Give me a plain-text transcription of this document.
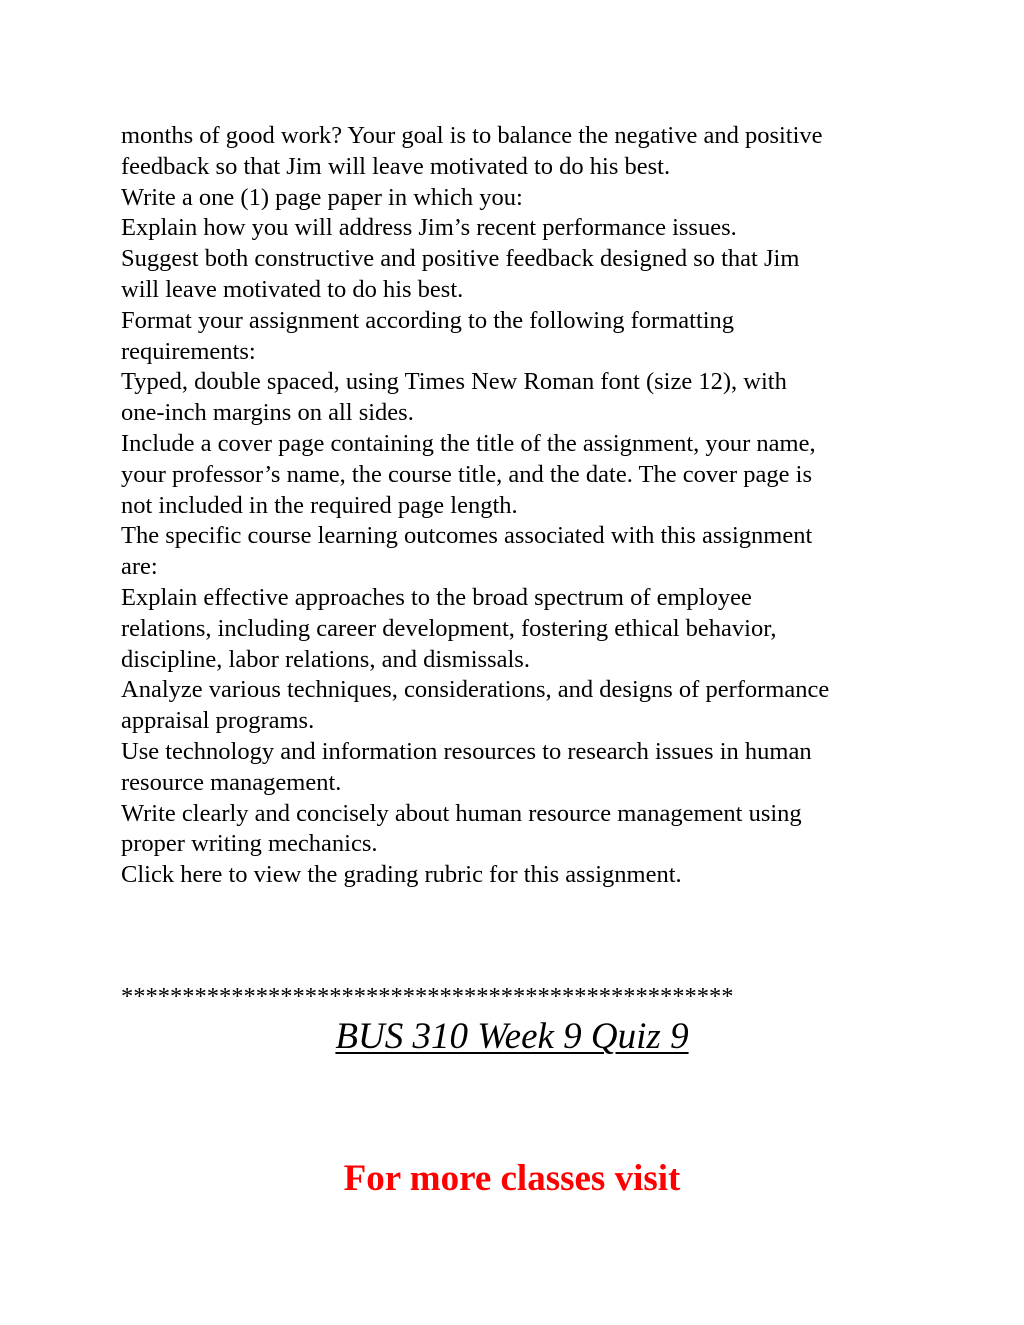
months of good work? Your goal is to balance the negative and positive
feedback so that Jim will leave motivated to do his best.
Write a one (1) page paper in which you:
Explain how you will address Jim’s recent performance issues.
Suggest both constructive and positive feedback designed so that Jim
will leave motivated to do his best.
Format your assignment according to the following formatting
requirements:
Typed, double spaced, using Times New Roman font (size 12), with
one-inch margins on all sides.
Include a cover page containing the title of the assignment, your name,
your professor’s name, the course title, and the date. The cover page is
not included in the required page length.
The specific course learning outcomes associated with this assignment
are:
Explain effective approaches to the broad spectrum of employee
relations, including career development, fostering ethical behavior,
discipline, labor relations, and dismissals.
Analyze various techniques, considerations, and designs of performance
appraisal programs.
Use technology and information resources to research issues in human
resource management.
Write clearly and concisely about human resource management using
proper writing mechanics.
Click here to view the grading rubric for this assignment.
**************************************************
BUS 310 Week 9 Quiz 9
For more classes visit
